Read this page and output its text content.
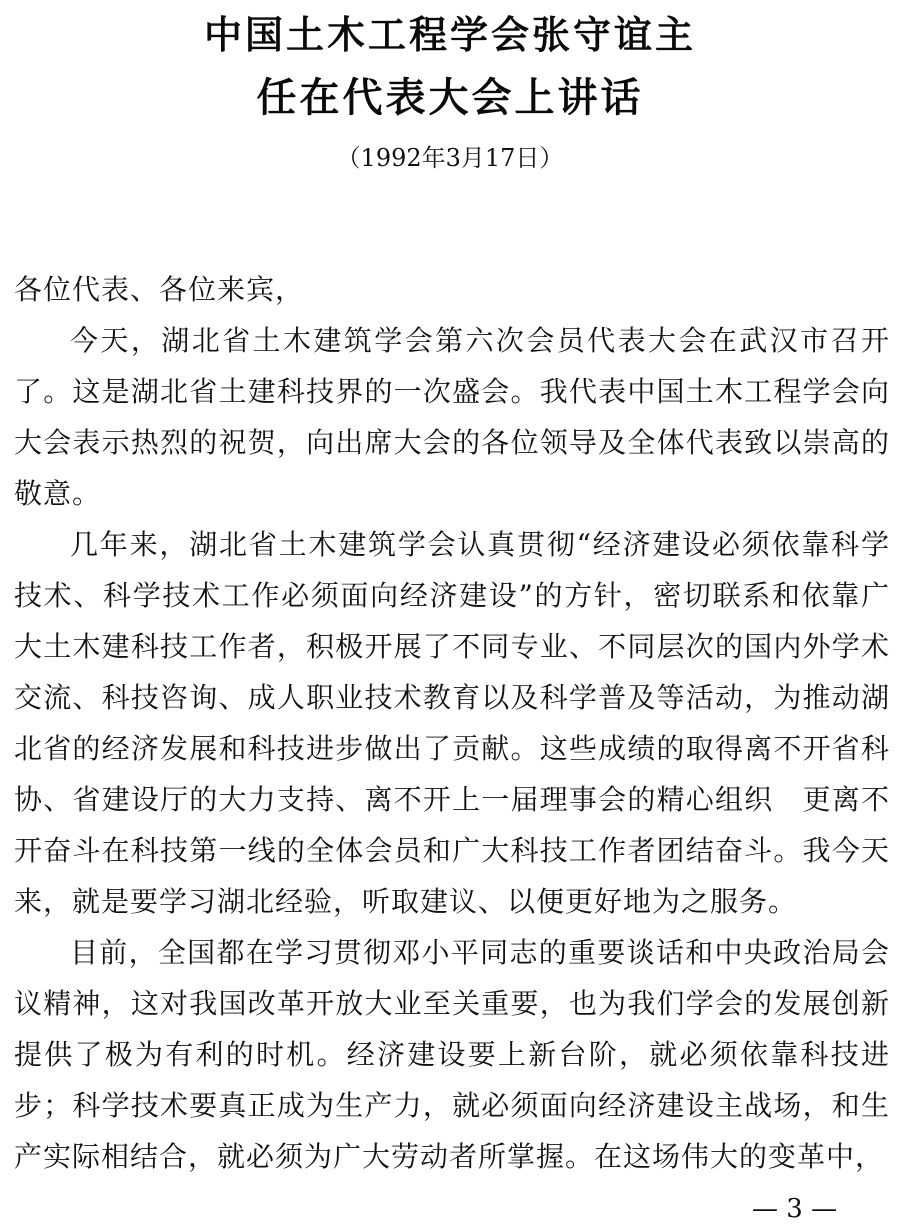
中国土木工程学会张守谊主
任在代表大会上讲话
（1992年3月17日）

各位代表、各位来宾，

今天，湖北省土木建筑学会第六次会员代表大会在武汉市召开了。这是湖北省土建科技界的一次盛会。我代表中国土木工程学会向大会表示热烈的祝贺，向出席大会的各位领导及全体代表致以崇高的敬意。

几年来，湖北省土木建筑学会认真贯彻“经济建设必须依靠科学技术、科学技术工作必须面向经济建设”的方针，密切联系和依靠广大土木建科技工作者，积极开展了不同专业、不同层次的国内外学术交流、科技咨询、成人职业技术教育以及科学普及等活动，为推动湖北省的经济发展和科技进步做出了贡献。这些成绩的取得离不开省科协、省建设厅的大力支持、离不开上一届理事会的精心组织　更离不开奋斗在科技第一线的全体会员和广大科技工作者团结奋斗。我今天来，就是要学习湖北经验，听取建议、以便更好地为之服务。

目前，全国都在学习贯彻邓小平同志的重要谈话和中央政治局会议精神，这对我国改革开放大业至关重要，也为我们学会的发展创新提供了极为有利的时机。经济建设要上新台阶，就必须依靠科技进步；科学技术要真正成为生产力，就必须面向经济建设主战场，和生产实际相结合，就必须为广大劳动者所掌握。在这场伟大的变革中，

— 3 —
